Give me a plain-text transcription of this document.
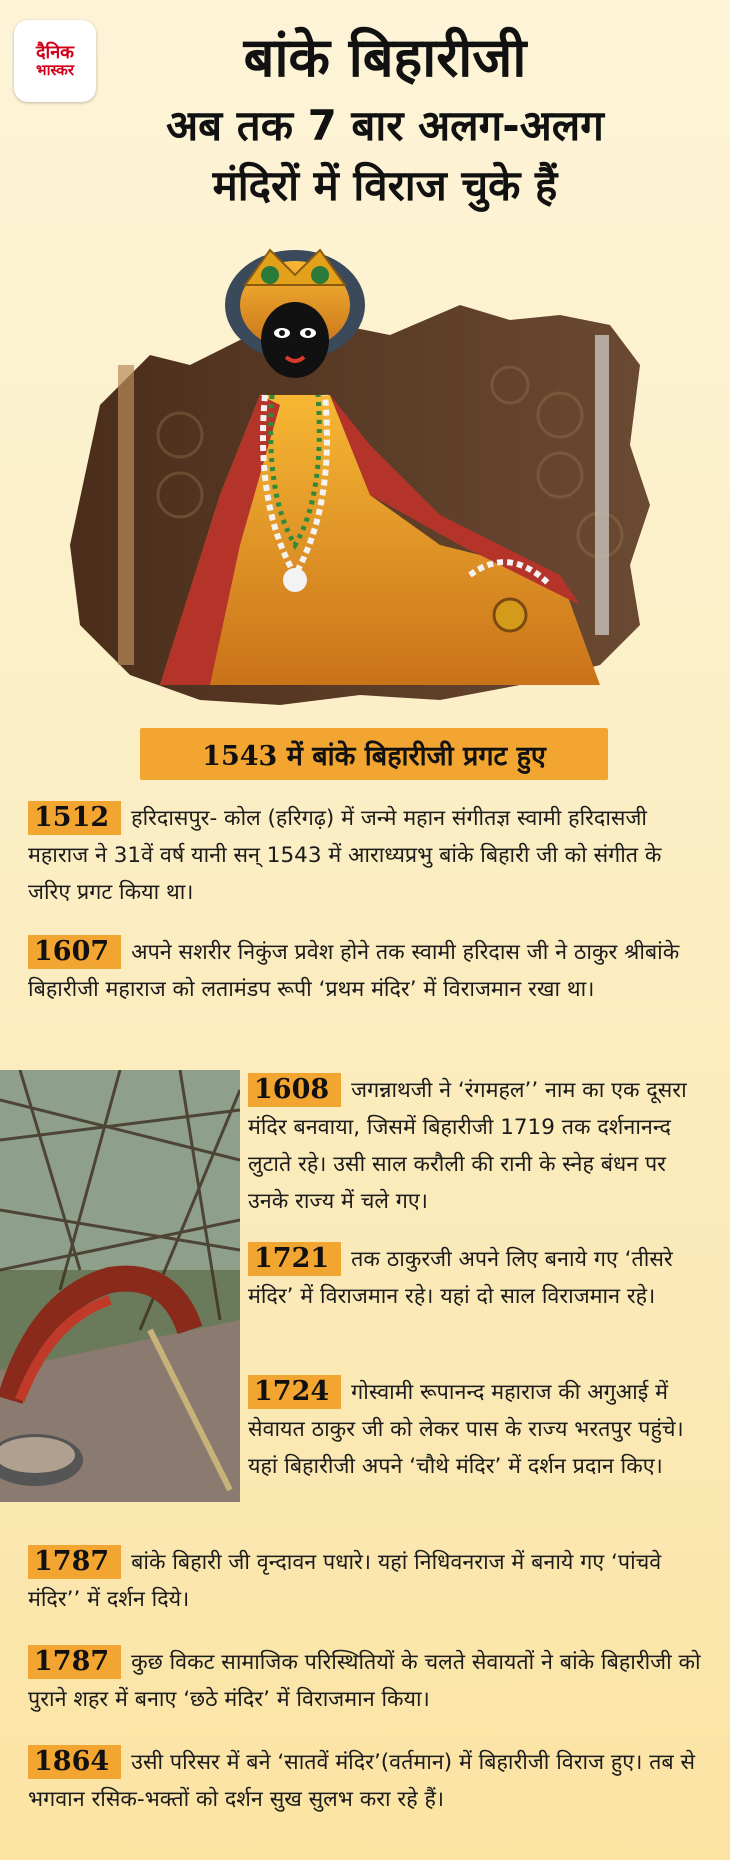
दैनिक
भास्कर	बांके बिहारीजी
अब तक 7 बार अलग-अलग
मंदिरों में विराज चुके हैं
1543 में बांके बिहारीजी प्रगट हुए
1512 हरिदासपुर- कोल (हरिगढ़) में जन्मे महान संगीतज्ञ स्वामी हरिदासजी महाराज ने 31वें वर्ष यानी सन् 1543 में आराध्यप्रभु बांके बिहारी जी को संगीत के जरिए प्रगट किया था।
1607 अपने सशरीर निकुंज प्रवेश होने तक स्वामी हरिदास जी ने ठाकुर श्रीबांके बिहारीजी महाराज को लतामंडप रूपी ‘प्रथम मंदिर’ में विराजमान रखा था।
1608 जगन्नाथजी ने ‘रंगमहल’’ नाम का एक दूसरा मंदिर बनवाया, जिसमें बिहारीजी 1719 तक दर्शनानन्द लुटाते रहे। उसी साल करौली की रानी के स्नेह बंधन पर उनके राज्य में चले गए।
1721 तक ठाकुरजी अपने लिए बनाये गए ‘तीसरे मंदिर’ में विराजमान रहे। यहां दो साल विराजमान रहे।
1724 गोस्वामी रूपानन्द महाराज की अगुआई में सेवायत ठाकुर जी को लेकर पास के राज्य भरतपुर पहुंचे। यहां बिहारीजी अपने ‘चौथे मंदिर’ में दर्शन प्रदान किए।
1787 बांके बिहारी जी वृन्दावन पधारे। यहां निधिवनराज में बनाये गए ‘पांचवे मंदिर’’ में दर्शन दिये।
1787 कुछ विकट सामाजिक परिस्थितियों के चलते सेवायतों ने बांके बिहारीजी को पुराने शहर में बनाए ‘छठे मंदिर’ में विराजमान किया।
1864 उसी परिसर में बने ‘सातवें मंदिर’(वर्तमान) में बिहारीजी विराज हुए। तब से भगवान रसिक-भक्तों को दर्शन सुख सुलभ करा रहे हैं।
